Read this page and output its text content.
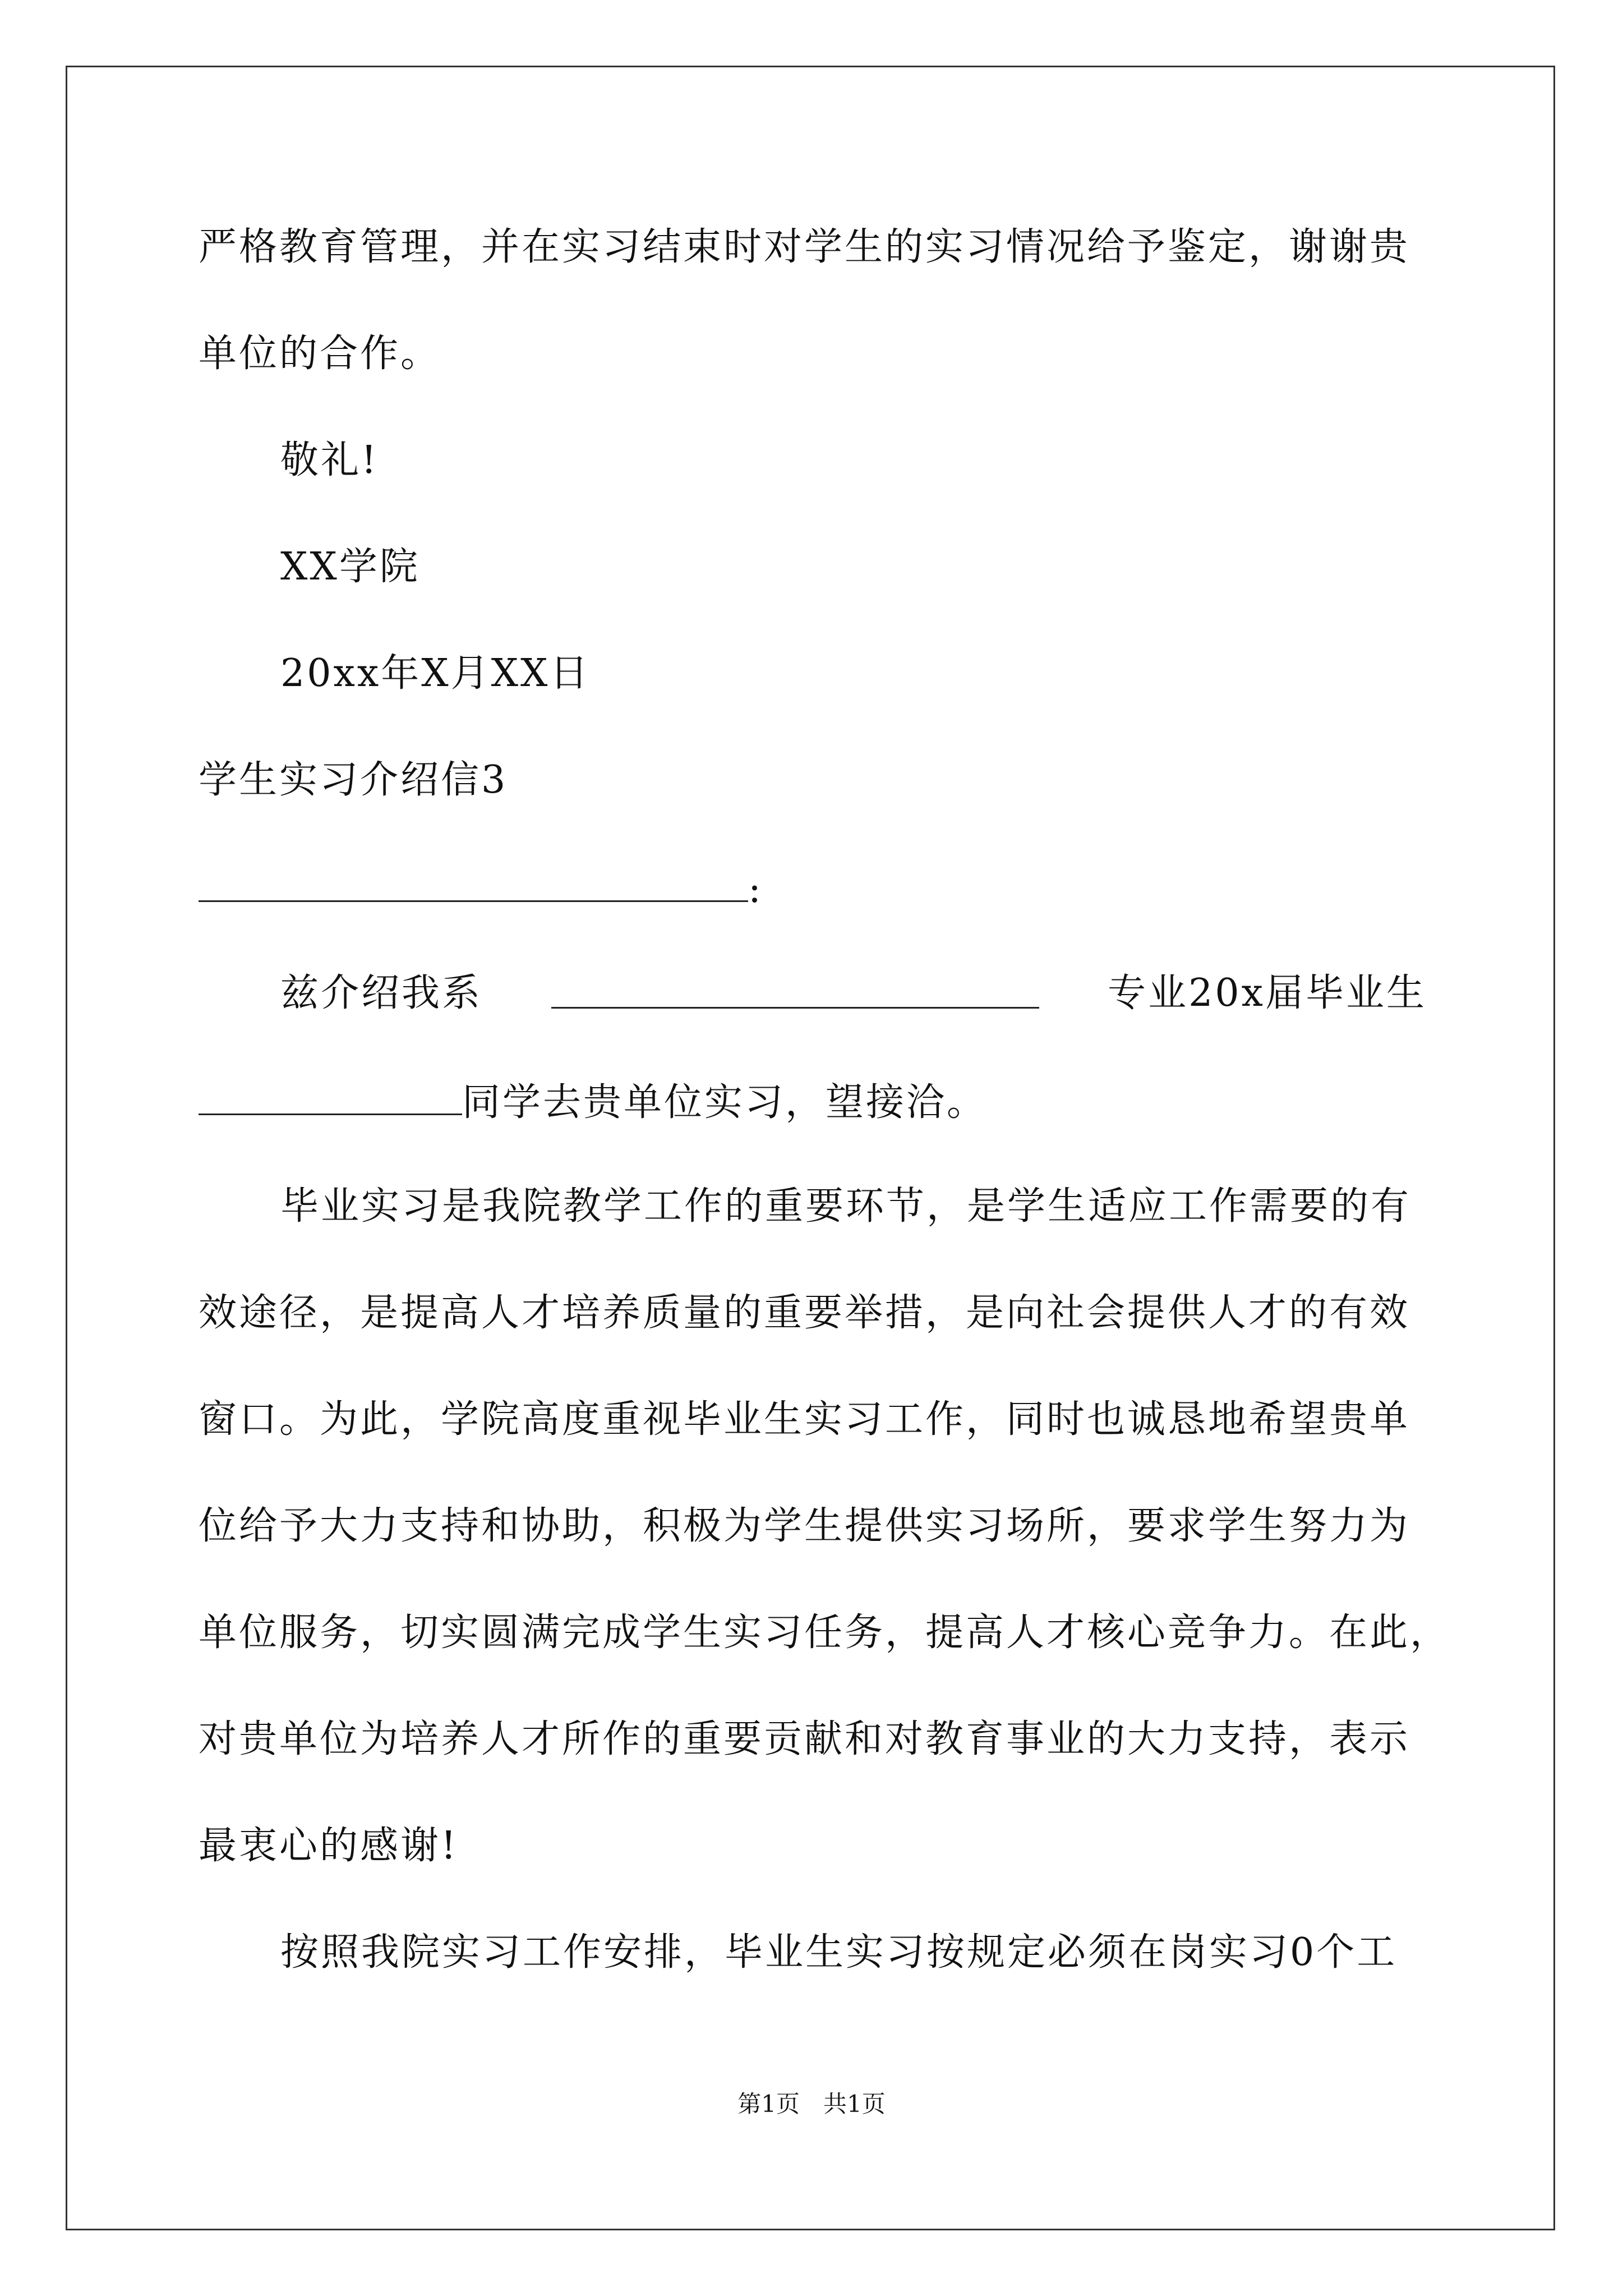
严格教育管理，并在实习结束时对学生的实习情况给予鉴定，谢谢贵
单位的合作。
敬礼!
XX学院
20xx年X月XX日
学生实习介绍信3
:
兹介绍我系	专业20x届毕业生
同学去贵单位实习，望接洽。
毕业实习是我院教学工作的重要环节，是学生适应工作需要的有
效途径，是提高人才培养质量的重要举措，是向社会提供人才的有效
窗口。为此，学院高度重视毕业生实习工作，同时也诚恳地希望贵单
位给予大力支持和协助，积极为学生提供实习场所，要求学生努力为
单位服务，切实圆满完成学生实习任务，提高人才核心竞争力。在此，
对贵单位为培养人才所作的重要贡献和对教育事业的大力支持，表示
最衷心的感谢!
按照我院实习工作安排，毕业生实习按规定必须在岗实习0个工
第1页　共1页
